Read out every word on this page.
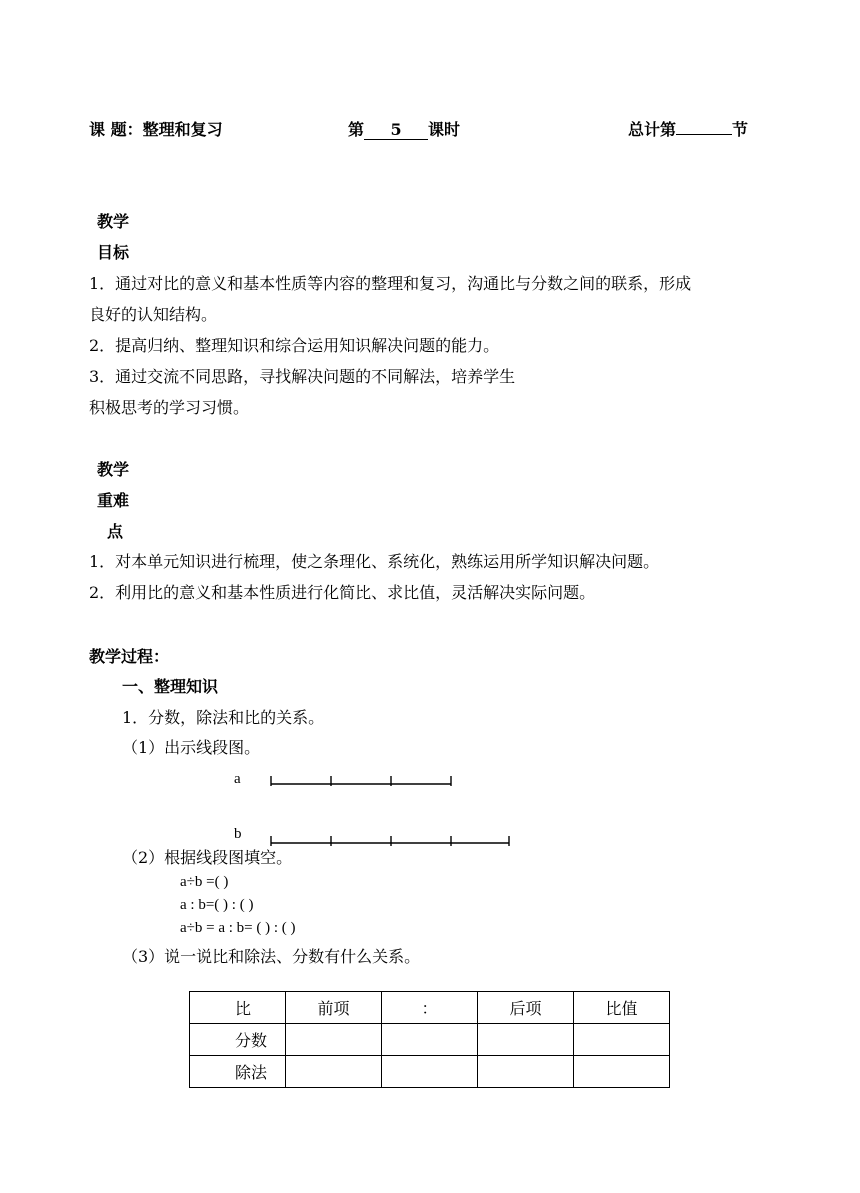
课 题：整理和复习	第 5 课时	总计第	节
教学
目标
1．通过对比的意义和基本性质等内容的整理和复习，沟通比与分数之间的联系，形成
良好的认知结构。
2．提高归纳、整理知识和综合运用知识解决问题的能力。
3．通过交流不同思路，寻找解决问题的不同解法，培养学生
积极思考的学习习惯。
教学
重难
点
1．对本单元知识进行梳理，使之条理化、系统化，熟练运用所学知识解决问题。
2．利用比的意义和基本性质进行化简比、求比值，灵活解决实际问题。
教学过程：
一、整理知识
1．分数，除法和比的关系。
（1）出示线段图。
a
b
（2）根据线段图填空。
a÷b =( )
a : b=( ) : ( )
a÷b = a : b= ( ) : ( )
（3）说一说比和除法、分数有什么关系。
比	前项	：	后项	比值
分数				
除法				
